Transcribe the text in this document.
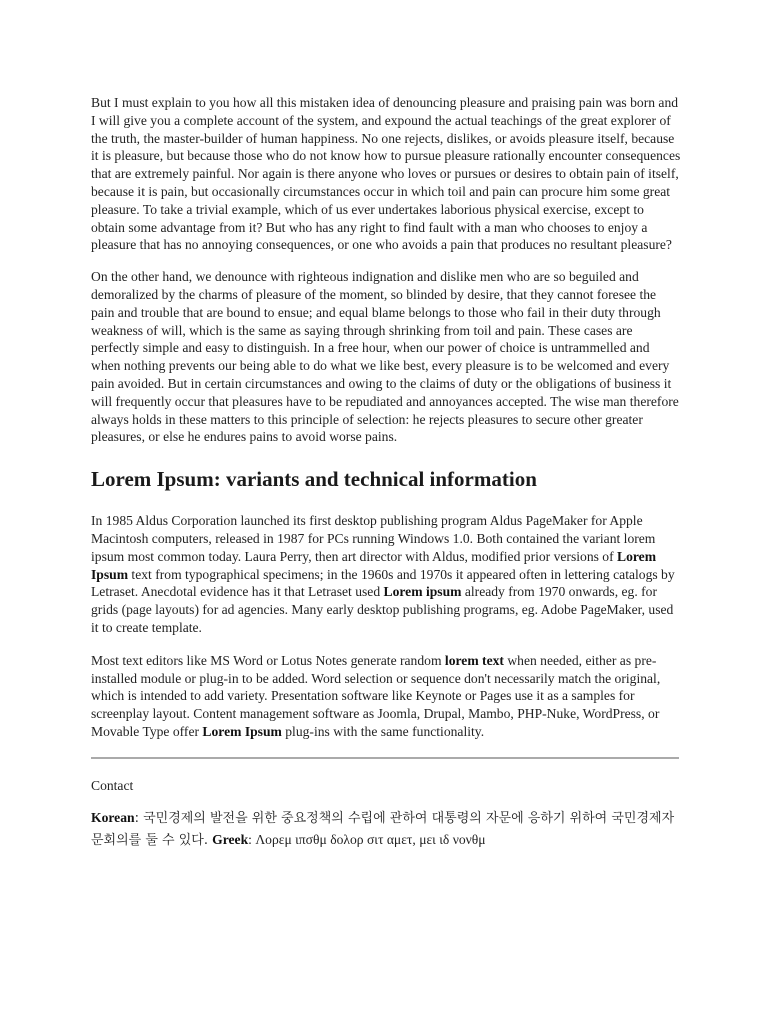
But I must explain to you how all this mistaken idea of denouncing pleasure and praising pain was born and I will give you a complete account of the system, and expound the actual teachings of the great explorer of the truth, the master-builder of human happiness. No one rejects, dislikes, or avoids pleasure itself, because it is pleasure, but because those who do not know how to pursue pleasure rationally encounter consequences that are extremely painful. Nor again is there anyone who loves or pursues or desires to obtain pain of itself, because it is pain, but occasionally circumstances occur in which toil and pain can procure him some great pleasure. To take a trivial example, which of us ever undertakes laborious physical exercise, except to obtain some advantage from it? But who has any right to find fault with a man who chooses to enjoy a pleasure that has no annoying consequences, or one who avoids a pain that produces no resultant pleasure?

On the other hand, we denounce with righteous indignation and dislike men who are so beguiled and demoralized by the charms of pleasure of the moment, so blinded by desire, that they cannot foresee the pain and trouble that are bound to ensue; and equal blame belongs to those who fail in their duty through weakness of will, which is the same as saying through shrinking from toil and pain. These cases are perfectly simple and easy to distinguish. In a free hour, when our power of choice is untrammelled and when nothing prevents our being able to do what we like best, every pleasure is to be welcomed and every pain avoided. But in certain circumstances and owing to the claims of duty or the obligations of business it will frequently occur that pleasures have to be repudiated and annoyances accepted. The wise man therefore always holds in these matters to this principle of selection: he rejects pleasures to secure other greater pleasures, or else he endures pains to avoid worse pains.

Lorem Ipsum: variants and technical information

In 1985 Aldus Corporation launched its first desktop publishing program Aldus PageMaker for Apple Macintosh computers, released in 1987 for PCs running Windows 1.0. Both contained the variant lorem ipsum most common today. Laura Perry, then art director with Aldus, modified prior versions of Lorem Ipsum text from typographical specimens; in the 1960s and 1970s it appeared often in lettering catalogs by Letraset. Anecdotal evidence has it that Letraset used Lorem ipsum already from 1970 onwards, eg. for grids (page layouts) for ad agencies. Many early desktop publishing programs, eg. Adobe PageMaker, used it to create template.

Most text editors like MS Word or Lotus Notes generate random lorem text when needed, either as pre-installed module or plug-in to be added. Word selection or sequence don't necessarily match the original, which is intended to add variety. Presentation software like Keynote or Pages use it as a samples for screenplay layout. Content management software as Joomla, Drupal, Mambo, PHP-Nuke, WordPress, or Movable Type offer Lorem Ipsum plug-ins with the same functionality.

Contact

Korean: 국민경제의 발전을 위한 중요정책의 수립에 관하여 대통령의 자문에 응하기 위하여 국민경제자문회의를 둘 수 있다. Greek: Λορεμ ιπσθμ δολορ σιτ αμετ, μει ιδ νονθμ
